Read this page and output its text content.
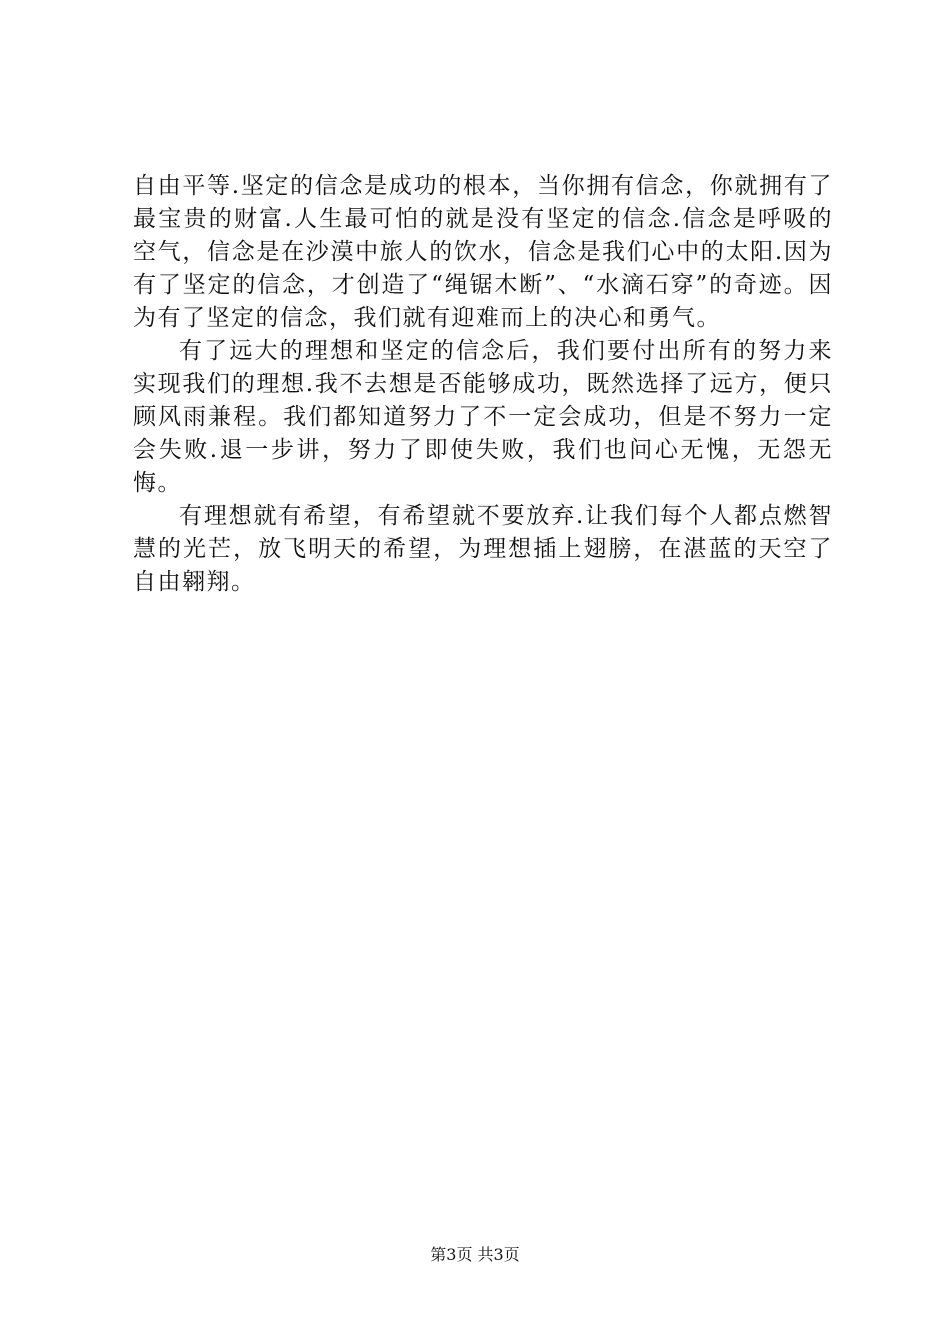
自由平等.坚定的信念是成功的根本，当你拥有信念，你就拥有了最宝贵的财富.人生最可怕的就是没有坚定的信念.信念是呼吸的空气，信念是在沙漠中旅人的饮水，信念是我们心中的太阳.因为有了坚定的信念，才创造了“绳锯木断”、“水滴石穿”的奇迹。因为有了坚定的信念，我们就有迎难而上的决心和勇气。

有了远大的理想和坚定的信念后，我们要付出所有的努力来实现我们的理想.我不去想是否能够成功，既然选择了远方，便只顾风雨兼程。我们都知道努力了不一定会成功，但是不努力一定会失败.退一步讲，努力了即使失败，我们也问心无愧，无怨无悔。

有理想就有希望，有希望就不要放弃.让我们每个人都点燃智慧的光芒，放飞明天的希望，为理想插上翅膀，在湛蓝的天空了自由翱翔。

第3页 共3页
